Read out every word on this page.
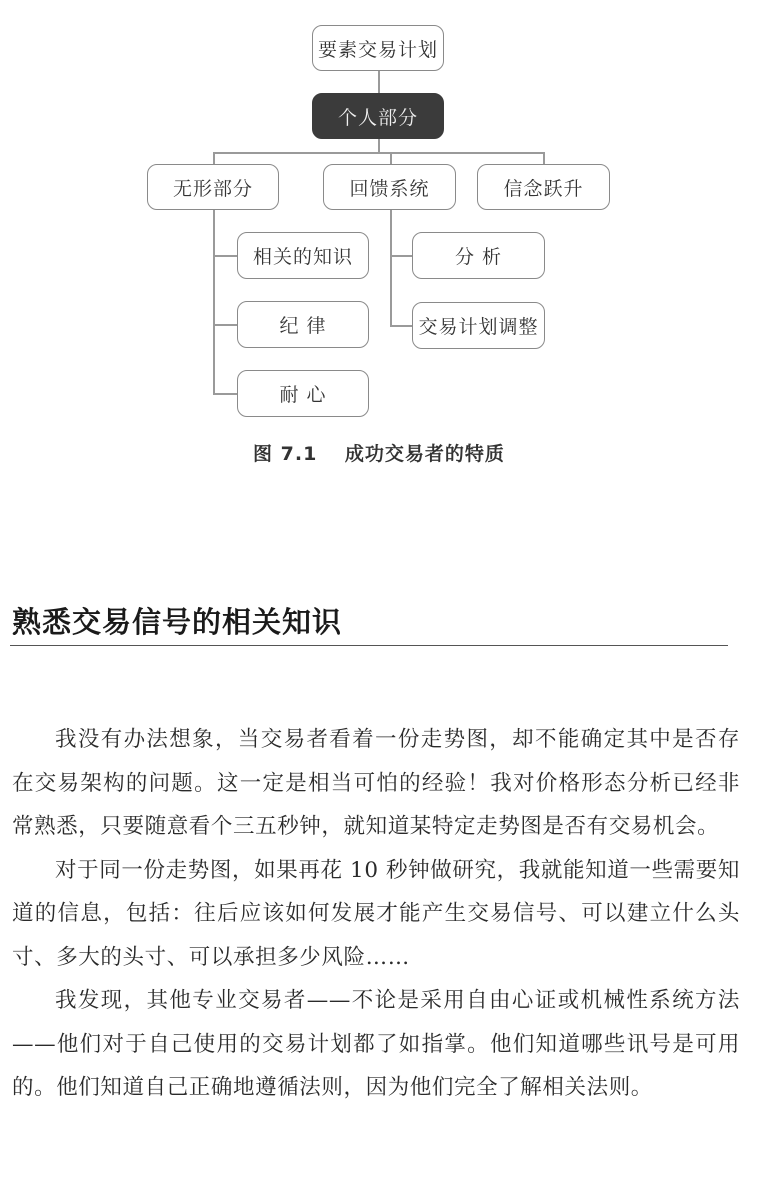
要素交易计划
个人部分
无形部分	回馈系统	信念跃升
相关的知识
纪 律
耐 心
分 析
交易计划调整
图 7.1　 成功交易者的特质
熟悉交易信号的相关知识

我没有办法想象，当交易者看着一份走势图，却不能确定其中是否存在交易架构的问题。这一定是相当可怕的经验！我对价格形态分析已经非常熟悉，只要随意看个三五秒钟，就知道某特定走势图是否有交易机会。

对于同一份走势图，如果再花 10 秒钟做研究，我就能知道一些需要知道的信息，包括：往后应该如何发展才能产生交易信号、可以建立什么头寸、多大的头寸、可以承担多少风险……

我发现，其他专业交易者——不论是采用自由心证或机械性系统方法——他们对于自己使用的交易计划都了如指掌。他们知道哪些讯号是可用的。他们知道自己正确地遵循法则，因为他们完全了解相关法则。
